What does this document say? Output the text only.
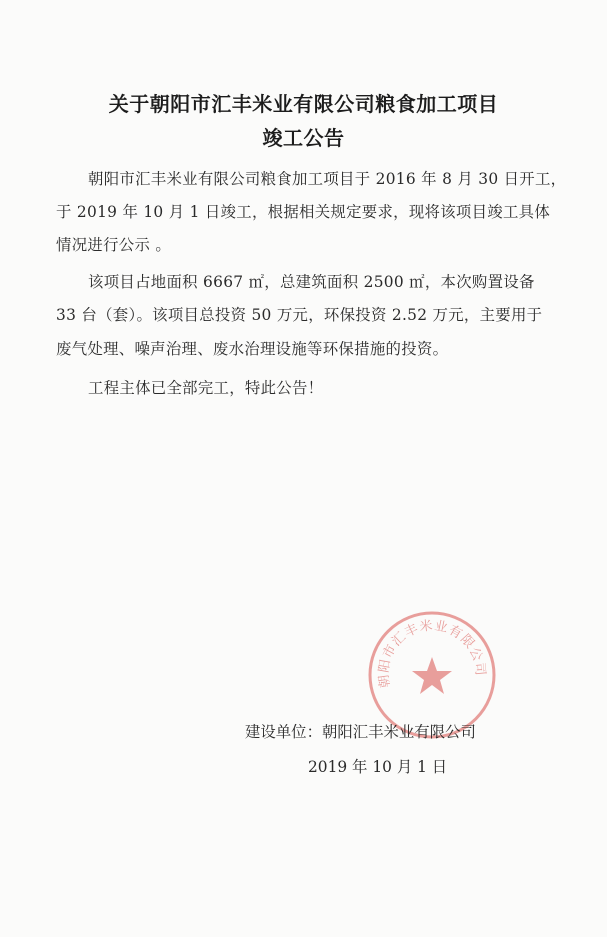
关于朝阳市汇丰米业有限公司粮食加工项目
竣工公告
朝阳市汇丰米业有限公司粮食加工项目于 2016 年 8 月 30 日开工，
于 2019 年 10 月 1 日竣工，根据相关规定要求，现将该项目竣工具体
情况进行公示 。
该项目占地面积 6667 ㎡，总建筑面积 2500 ㎡，本次购置设备
33 台（套）。该项目总投资 50 万元，环保投资 2.52 万元，主要用于
废气处理、噪声治理、废水治理设施等环保措施的投资。
工程主体已全部完工，特此公告！
朝阳市汇丰米业有限公司
建设单位：朝阳汇丰米业有限公司
2019 年 10 月 1 日
